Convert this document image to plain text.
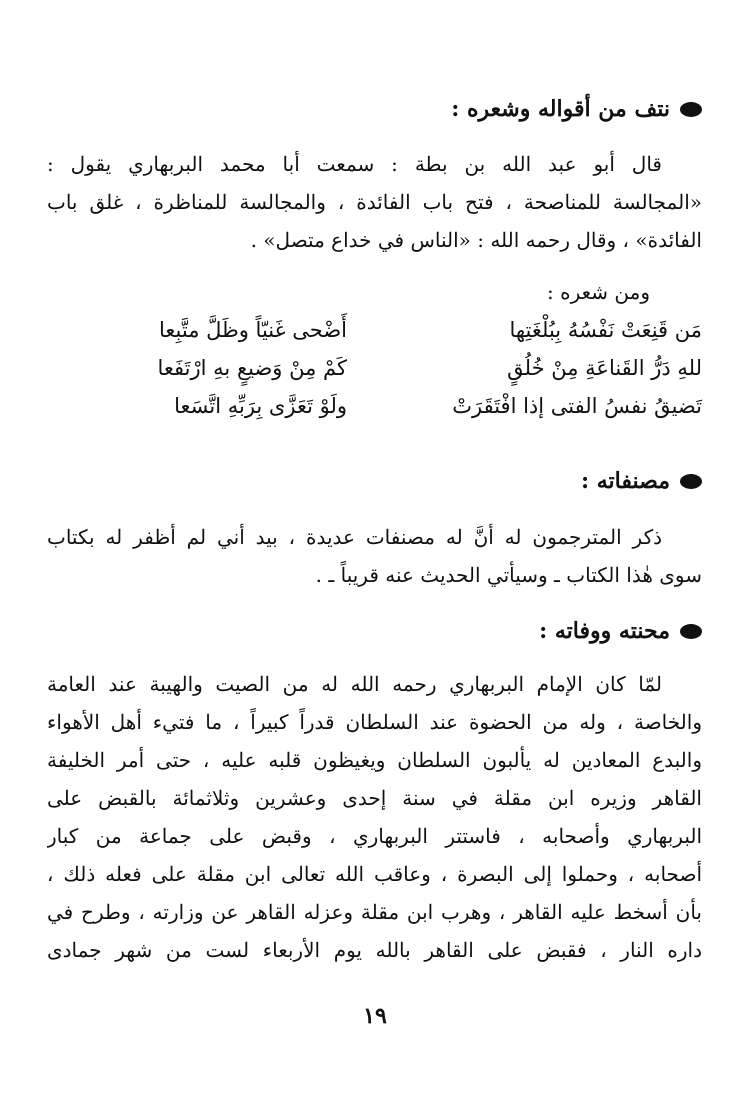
نتف من أقواله وشعره :
قال أبو عبد الله بن بطة : سمعت أبا محمد البربهاري يقول :
«المجالسة للمناصحة ، فتح باب الفائدة ، والمجالسة للمناظرة ، غلق باب
الفائدة» ، وقال رحمه الله : «الناس في خداع متصل» .
ومن شعره :
مَن قَنِعَتْ نَفْسُهُ بِبُلْغَتِها
أَضْحى غَنيّاً وظَلَّ متَّبِعا
للهِ دَرُّ القَناعَةِ مِنْ خُلُقٍ
كَمْ مِنْ وَضيعٍ بهِ ارْتَفَعا
تَضيقُ نفسُ الفتى إذا افْتَقَرَتْ
ولَوْ تَعَزَّى بِرَبِّهِ اتَّسَعا
مصنفاته :
ذكر المترجمون له أنَّ له مصنفات عديدة ، بيد أني لم أظفر له بكتاب
سوى هٰذا الكتاب ـ وسيأتي الحديث عنه قريباً ـ .
محنته ووفاته :
لمّا كان الإمام البربهاري رحمه الله له من الصيت والهيبة عند العامة
والخاصة ، وله من الحضوة عند السلطان قدراً كبيراً ، ما فتيء أهل الأهواء
والبدع المعادين له يألبون السلطان ويغيظون قلبه عليه ، حتى أمر الخليفة
القاهر وزيره ابن مقلة في سنة إحدى وعشرين وثلاثمائة بالقبض على
البربهاري وأصحابه ، فاستتر البربهاري ، وقبض على جماعة من كبار
أصحابه ، وحملوا إلى البصرة ، وعاقب الله تعالى ابن مقلة على فعله ذلك ،
بأن أسخط عليه القاهر ، وهرب ابن مقلة وعزله القاهر عن وزارته ، وطرح في
داره النار ، فقبض على القاهر بالله يوم الأربعاء لست من شهر جمادى
١٩
